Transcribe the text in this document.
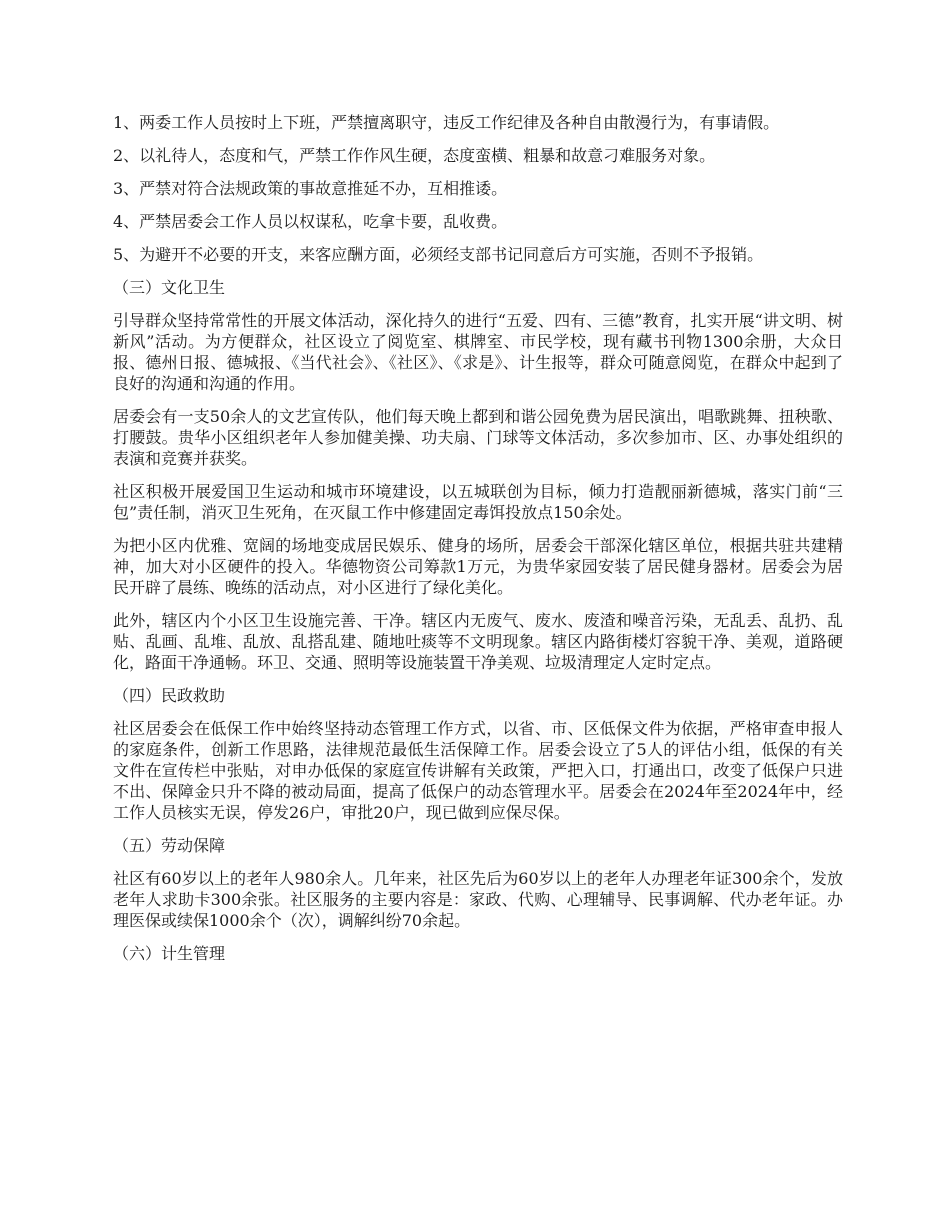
1、两委工作人员按时上下班，严禁擅离职守，违反工作纪律及各种自由散漫行为，有事请假。

2、以礼待人，态度和气，严禁工作作风生硬，态度蛮横、粗暴和故意刁难服务对象。

3、严禁对符合法规政策的事故意推延不办，互相推诿。

4、严禁居委会工作人员以权谋私，吃拿卡要，乱收费。

5、为避开不必要的开支，来客应酬方面，必须经支部书记同意后方可实施，否则不予报销。

（三）文化卫生

引导群众坚持常常性的开展文体活动，深化持久的进行“五爱、四有、三德”教育，扎实开展“讲文明、树新风”活动。为方便群众，社区设立了阅览室、棋牌室、市民学校，现有藏书刊物1300余册，大众日报、德州日报、德城报、《当代社会》、《社区》、《求是》、计生报等，群众可随意阅览，在群众中起到了良好的沟通和沟通的作用。

居委会有一支50余人的文艺宣传队，他们每天晚上都到和谐公园免费为居民演出，唱歌跳舞、扭秧歌、打腰鼓。贵华小区组织老年人参加健美操、功夫扇、门球等文体活动，多次参加市、区、办事处组织的表演和竞赛并获奖。

社区积极开展爱国卫生运动和城市环境建设，以五城联创为目标，倾力打造靓丽新德城，落实门前“三包”责任制，消灭卫生死角，在灭鼠工作中修建固定毒饵投放点150余处。

为把小区内优雅、宽阔的场地变成居民娱乐、健身的场所，居委会干部深化辖区单位，根据共驻共建精神，加大对小区硬件的投入。华德物资公司筹款1万元，为贵华家园安装了居民健身器材。居委会为居民开辟了晨练、晚练的活动点，对小区进行了绿化美化。

此外，辖区内个小区卫生设施完善、干净。辖区内无废气、废水、废渣和噪音污染，无乱丢、乱扔、乱贴、乱画、乱堆、乱放、乱搭乱建、随地吐痰等不文明现象。辖区内路街楼灯容貌干净、美观，道路硬化，路面干净通畅。环卫、交通、照明等设施装置干净美观、垃圾清理定人定时定点。

（四）民政救助

社区居委会在低保工作中始终坚持动态管理工作方式，以省、市、区低保文件为依据，严格审查申报人的家庭条件，创新工作思路，法律规范最低生活保障工作。居委会设立了5人的评估小组，低保的有关文件在宣传栏中张贴，对申办低保的家庭宣传讲解有关政策，严把入口，打通出口，改变了低保户只进不出、保障金只升不降的被动局面，提高了低保户的动态管理水平。居委会在2024年至2024年中，经工作人员核实无误，停发26户，审批20户，现已做到应保尽保。

（五）劳动保障

社区有60岁以上的老年人980余人。几年来，社区先后为60岁以上的老年人办理老年证300余个，发放老年人求助卡300余张。社区服务的主要内容是：家政、代购、心理辅导、民事调解、代办老年证。办理医保或续保1000余个（次），调解纠纷70余起。

（六）计生管理
